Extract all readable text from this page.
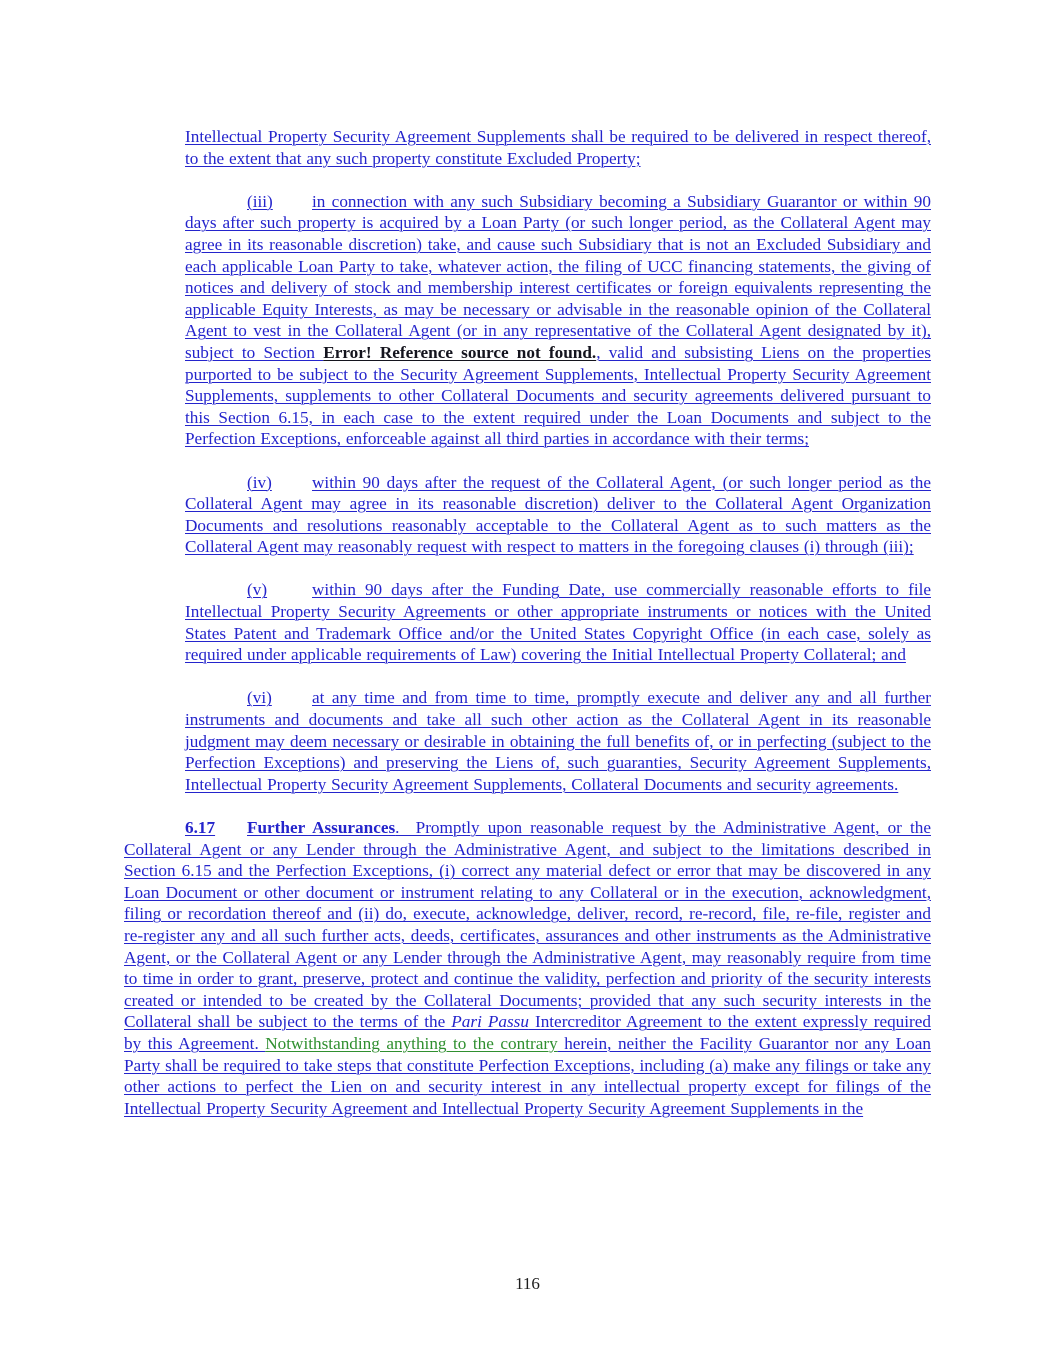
Intellectual Property Security Agreement Supplements shall be required to be delivered in respect thereof, to the extent that any such property constitute Excluded Property;

(iii) in connection with any such Subsidiary becoming a Subsidiary Guarantor or within 90 days after such property is acquired by a Loan Party (or such longer period, as the Collateral Agent may agree in its reasonable discretion) take, and cause such Subsidiary that is not an Excluded Subsidiary and each applicable Loan Party to take, whatever action, the filing of UCC financing statements, the giving of notices and delivery of stock and membership interest certificates or foreign equivalents representing the applicable Equity Interests, as may be necessary or advisable in the reasonable opinion of the Collateral Agent to vest in the Collateral Agent (or in any representative of the Collateral Agent designated by it), subject to Section Error! Reference source not found., valid and subsisting Liens on the properties purported to be subject to the Security Agreement Supplements, Intellectual Property Security Agreement Supplements, supplements to other Collateral Documents and security agreements delivered pursuant to this Section 6.15, in each case to the extent required under the Loan Documents and subject to the Perfection Exceptions, enforceable against all third parties in accordance with their terms;

(iv) within 90 days after the request of the Collateral Agent, (or such longer period as the Collateral Agent may agree in its reasonable discretion) deliver to the Collateral Agent Organization Documents and resolutions reasonably acceptable to the Collateral Agent as to such matters as the Collateral Agent may reasonably request with respect to matters in the foregoing clauses (i) through (iii);

(v)	within 90 days after the Funding Date, use commercially reasonable efforts to file Intellectual Property Security Agreements or other appropriate instruments or notices with the United States Patent and Trademark Office and/or the United States Copyright Office (in each case, solely as required under applicable requirements of Law) covering the Initial Intellectual Property Collateral; and

(vi) at any time and from time to time, promptly execute and deliver any and all further instruments and documents and take all such other action as the Collateral Agent in its reasonable judgment may deem necessary or desirable in obtaining the full benefits of, or in perfecting (subject to the Perfection Exceptions) and preserving the Liens of, such guaranties, Security Agreement Supplements, Intellectual Property Security Agreement Supplements, Collateral Documents and security agreements.

6.17 Further Assurances.  Promptly upon reasonable request by the Administrative Agent, or the Collateral Agent or any Lender through the Administrative Agent, and subject to the limitations described in Section 6.15 and the Perfection Exceptions, (i) correct any material defect or error that may be discovered in any Loan Document or other document or instrument relating to any Collateral or in the execution, acknowledgment, filing or recordation thereof and (ii) do, execute, acknowledge, deliver, record, re-record, file, re-file, register and re-register any and all such further acts, deeds, certificates, assurances and other instruments as the Administrative Agent, or the Collateral Agent or any Lender through the Administrative Agent, may reasonably require from time to time in order to grant, preserve, protect and continue the validity, perfection and priority of the security interests created or intended to be created by the Collateral Documents; provided that any such security interests in the Collateral shall be subject to the terms of the Pari Passu Intercreditor Agreement to the extent expressly required by this Agreement. Notwithstanding anything to the contrary herein, neither the Facility Guarantor nor any Loan Party shall be required to take steps that constitute Perfection Exceptions, including (a) make any filings or take any other actions to perfect the Lien on and security interest in any intellectual property except for filings of the Intellectual Property Security Agreement and Intellectual Property Security Agreement Supplements in the

116
